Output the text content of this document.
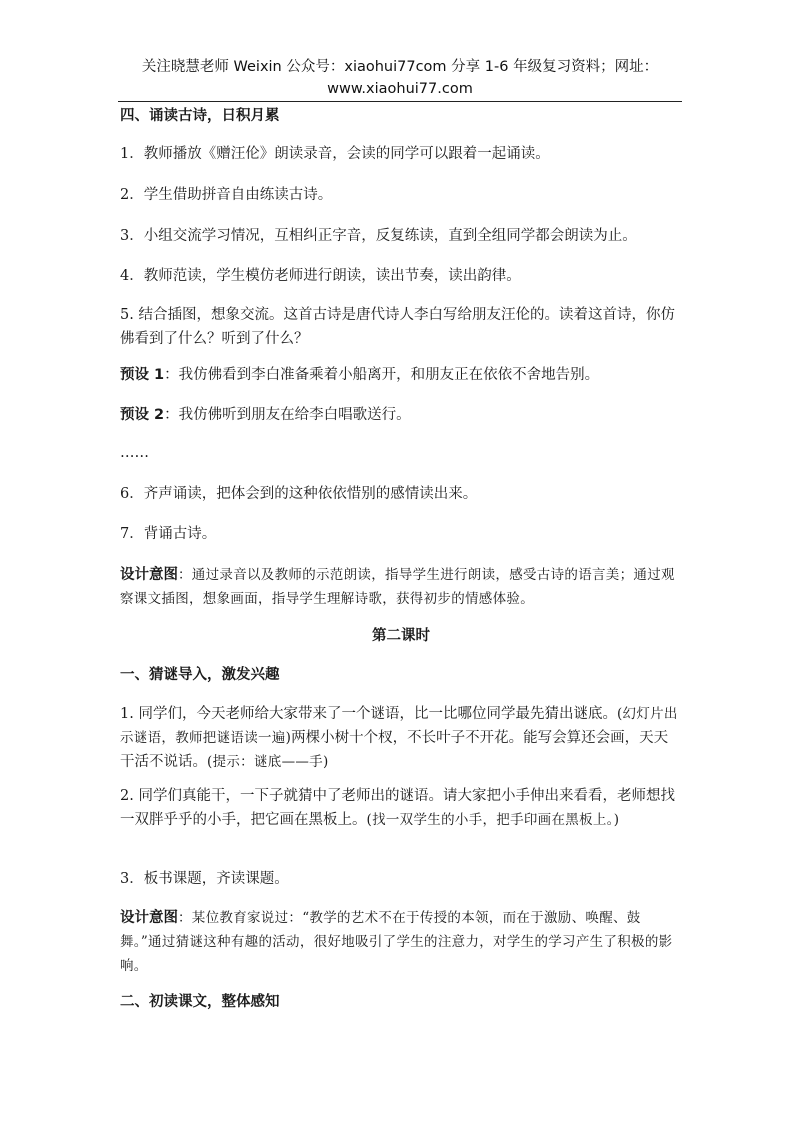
关注晓慧老师 Weixin 公众号：xiaohui77com 分享 1-6 年级复习资料；网址：
www.xiaohui77.com
四、诵读古诗，日积月累
1．教师播放《赠汪伦》朗读录音，会读的同学可以跟着一起诵读。
2．学生借助拼音自由练读古诗。
3．小组交流学习情况，互相纠正字音，反复练读，直到全组同学都会朗读为止。
4．教师范读，学生模仿老师进行朗读，读出节奏，读出韵律。
5. 结合插图，想象交流。这首古诗是唐代诗人李白写给朋友汪伦的。读着这首诗，你仿佛看到了什么？听到了什么？
预设 1：我仿佛看到李白准备乘着小船离开，和朋友正在依依不舍地告别。
预设 2：我仿佛听到朋友在给李白唱歌送行。
……
6．齐声诵读，把体会到的这种依依惜别的感情读出来。
7．背诵古诗。
设计意图：通过录音以及教师的示范朗读，指导学生进行朗读，感受古诗的语言美；通过观察课文插图，想象画面，指导学生理解诗歌，获得初步的情感体验。
第二课时
一、猜谜导入，激发兴趣
1. 同学们，今天老师给大家带来了一个谜语，比一比哪位同学最先猜出谜底。(幻灯片出示谜语，教师把谜语读一遍)两棵小树十个杈，不长叶子不开花。能写会算还会画，天天干活不说话。(提示：谜底——手)
2. 同学们真能干，一下子就猜中了老师出的谜语。请大家把小手伸出来看看，老师想找一双胖乎乎的小手，把它画在黑板上。(找一双学生的小手，把手印画在黑板上。)
3．板书课题，齐读课题。
设计意图：某位教育家说过：“教学的艺术不在于传授的本领，而在于激励、唤醒、鼓舞。”通过猜谜这种有趣的活动，很好地吸引了学生的注意力，对学生的学习产生了积极的影响。
二、初读课文，整体感知
